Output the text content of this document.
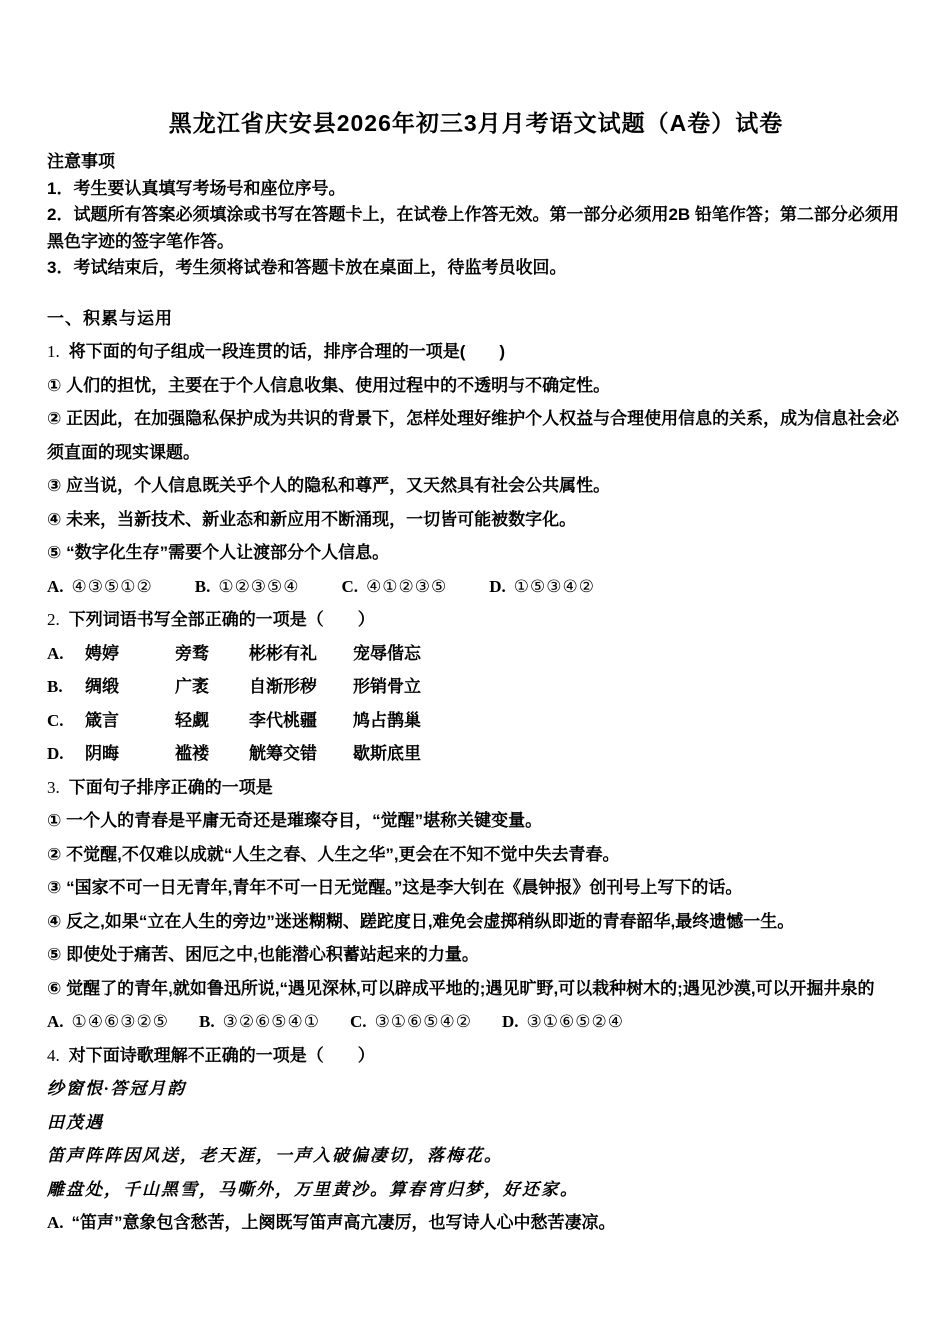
黑龙江省庆安县2026年初三3月月考语文试题（A卷）试卷

注意事项

1．考生要认真填写考场号和座位序号。

2．试题所有答案必须填涂或书写在答题卡上，在试卷上作答无效。第一部分必须用2B 铅笔作答；第二部分必须用黑色字迹的签字笔作答。

3．考试结束后，考生须将试卷和答题卡放在桌面上，待监考员收回。

一、积累与运用

1. 将下面的句子组成一段连贯的话，排序合理的一项是(　　)

① 人们的担忧，主要在于个人信息收集、使用过程中的不透明与不确定性。

② 正因此，在加强隐私保护成为共识的背景下，怎样处理好维护个人权益与合理使用信息的关系，成为信息社会必须直面的现实课题。

③ 应当说，个人信息既关乎个人的隐私和尊严，又天然具有社会公共属性。

④ 未来，当新技术、新业态和新应用不断涌现，一切皆可能被数字化。

⑤ “数字化生存”需要个人让渡部分个人信息。

A. ④③⑤①② B. ①②③⑤④ C. ④①②③⑤ D. ①⑤③④②

2. 下列词语书写全部正确的一项是（　　）

A. 娉婷	旁骛 彬彬有礼 宠辱偕忘

B. 绸缎	广袤 自渐形秽 形销骨立

C. 箴言	轻觑 李代桃疆 鸠占鹊巢

D. 阴晦	褴褛 觥筹交错 歇斯底里

3. 下面句子排序正确的一项是

① 一个人的青春是平庸无奇还是璀璨夺目，“觉醒”堪称关键变量。

② 不觉醒,不仅难以成就“人生之春、人生之华”,更会在不知不觉中失去青春。

③ “国家不可一日无青年,青年不可一日无觉醒。”这是李大钊在《晨钟报》创刊号上写下的话。

④ 反之,如果“立在人生的旁边”迷迷糊糊、蹉跎度日,难免会虚掷稍纵即逝的青春韶华,最终遗憾一生。

⑤ 即使处于痛苦、困厄之中,也能潜心积蓄站起来的力量。

⑥ 觉醒了的青年,就如鲁迅所说,“遇见深林,可以辟成平地的;遇见旷野,可以栽种树木的;遇见沙漠,可以开掘井泉的

A. ①④⑥③②⑤ B. ③②⑥⑤④① C. ③①⑥⑤④② D. ③①⑥⑤②④

4. 对下面诗歌理解不正确的一项是（　　）

纱窗恨·答冠月韵

田茂遇

笛声阵阵因风送，老天涯，一声入破偏凄切，落梅花。

雕盘处，千山黑雪，马嘶外，万里黄沙。算春宵归梦，好还家。

A. “笛声”意象包含愁苦，上阕既写笛声高亢凄厉，也写诗人心中愁苦凄凉。
